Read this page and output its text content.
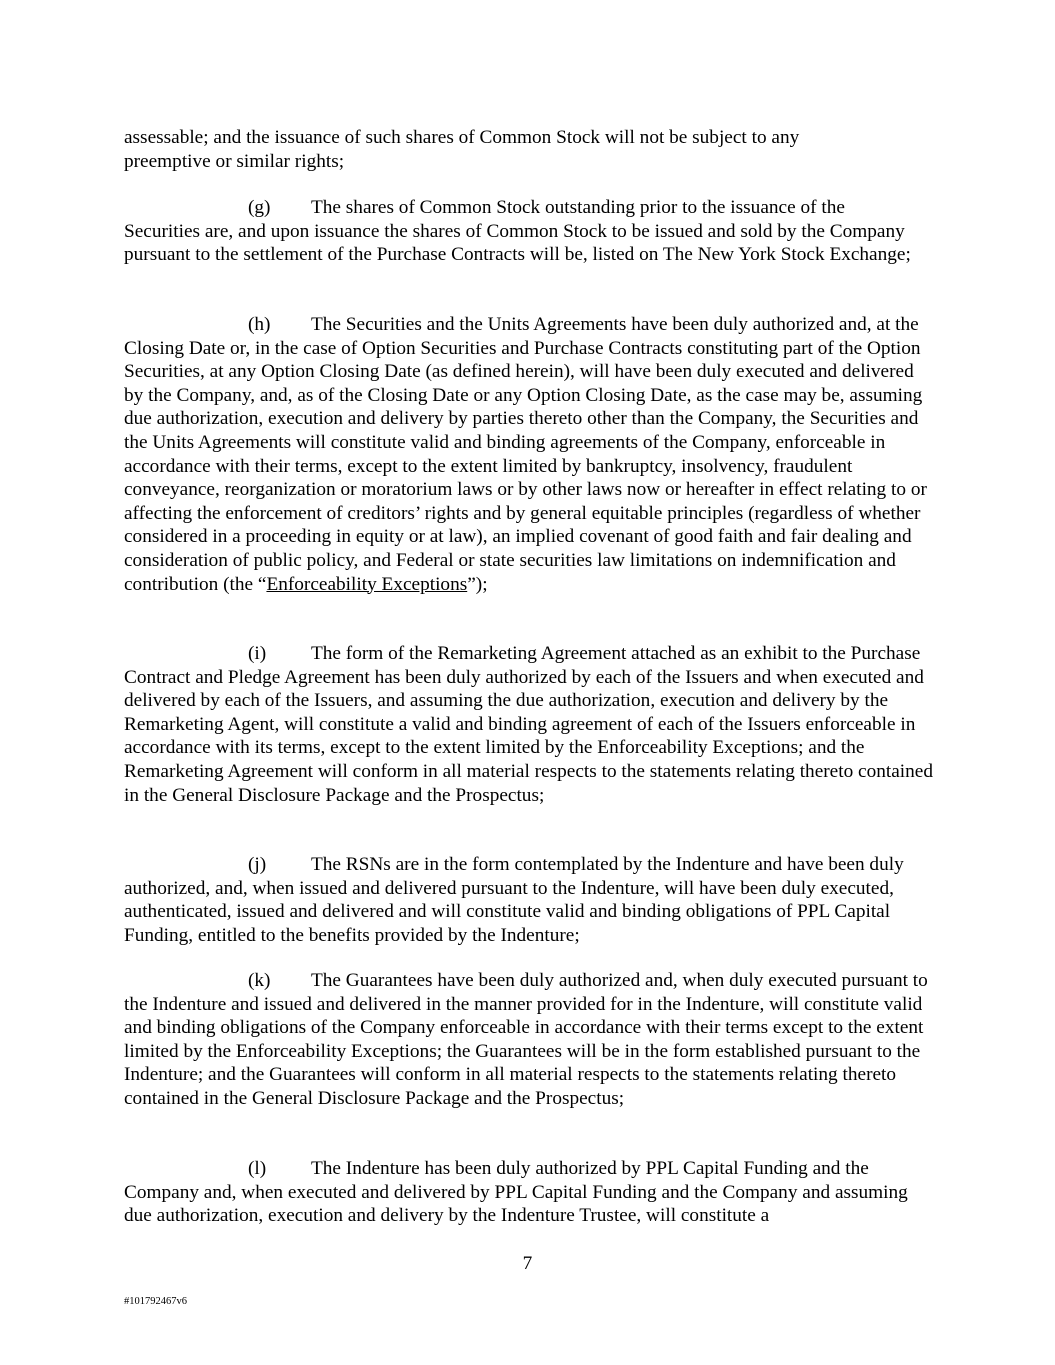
assessable; and the issuance of such shares of Common Stock will not be subject to any preemptive or similar rights;

(g) The shares of Common Stock outstanding prior to the issuance of the Securities are, and upon issuance the shares of Common Stock to be issued and sold by the Company pursuant to the settlement of the Purchase Contracts will be, listed on The New York Stock Exchange;

(h) The Securities and the Units Agreements have been duly authorized and, at the Closing Date or, in the case of Option Securities and Purchase Contracts constituting part of the Option Securities, at any Option Closing Date (as defined herein), will have been duly executed and delivered by the Company, and, as of the Closing Date or any Option Closing Date, as the case may be, assuming due authorization, execution and delivery by parties thereto other than the Company, the Securities and the Units Agreements will constitute valid and binding agreements of the Company, enforceable in accordance with their terms, except to the extent limited by bankruptcy, insolvency, fraudulent conveyance, reorganization or moratorium laws or by other laws now or hereafter in effect relating to or affecting the enforcement of creditors’ rights and by general equitable principles (regardless of whether considered in a proceeding in equity or at law), an implied covenant of good faith and fair dealing and consideration of public policy, and Federal or state securities law limitations on indemnification and contribution (the “Enforceability Exceptions”);

(i) The form of the Remarketing Agreement attached as an exhibit to the Purchase Contract and Pledge Agreement has been duly authorized by each of the Issuers and when executed and delivered by each of the Issuers, and assuming the due authorization, execution and delivery by the Remarketing Agent, will constitute a valid and binding agreement of each of the Issuers enforceable in accordance with its terms, except to the extent limited by the Enforceability Exceptions; and the Remarketing Agreement will conform in all material respects to the statements relating thereto contained in the General Disclosure Package and the Prospectus;

(j) The RSNs are in the form contemplated by the Indenture and have been duly authorized, and, when issued and delivered pursuant to the Indenture, will have been duly executed, authenticated, issued and delivered and will constitute valid and binding obligations of PPL Capital Funding, entitled to the benefits provided by the Indenture;

(k) The Guarantees have been duly authorized and, when duly executed pursuant to the Indenture and issued and delivered in the manner provided for in the Indenture, will constitute valid and binding obligations of the Company enforceable in accordance with their terms except to the extent limited by the Enforceability Exceptions; the Guarantees will be in the form established pursuant to the Indenture; and the Guarantees will conform in all material respects to the statements relating thereto contained in the General Disclosure Package and the Prospectus;

(l) The Indenture has been duly authorized by PPL Capital Funding and the Company and, when executed and delivered by PPL Capital Funding and the Company and assuming due authorization, execution and delivery by the Indenture Trustee, will constitute a

7
#101792467v6
